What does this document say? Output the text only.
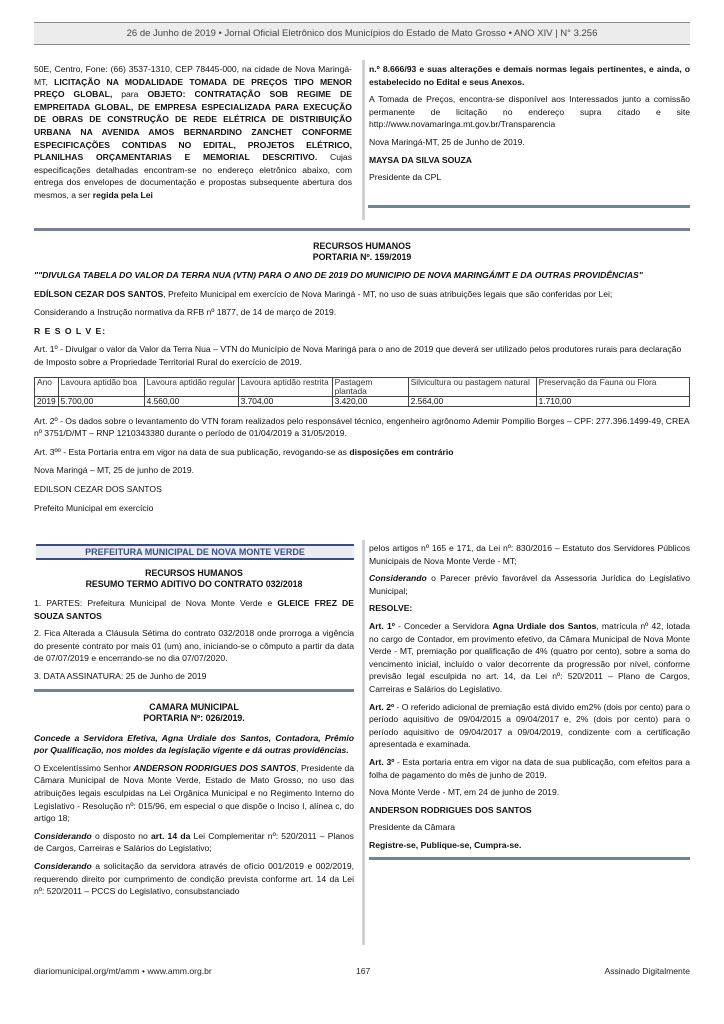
26 de Junho de 2019 • Jornal Oficial Eletrônico dos Municípios do Estado de Mato Grosso • ANO XIV | N° 3.256

50E, Centro, Fone: (66) 3537-1310, CEP 78445-000, na cidade de Nova Maringá-MT, LICITAÇÃO NA MODALIDADE TOMADA DE PREÇOS TIPO MENOR PREÇO GLOBAL, para OBJETO: CONTRATAÇÃO SOB REGIME DE EMPREITADA GLOBAL, DE EMPRESA ESPECIALIZADA PARA EXECUÇÃO DE OBRAS DE CONSTRUÇÃO DE REDE ELÉTRICA DE DISTRIBUIÇÃO URBANA NA AVENIDA AMOS BERNARDINO ZANCHET CONFORME ESPECIFICAÇÕES CONTIDAS NO EDITAL, PROJETOS ELÉTRICO, PLANILHAS ORÇAMENTARIAS E MEMORIAL DESCRITIVO. Cujas especificações detalhadas encontram-se no endereço eletrônico abaixo, com entrega dos envelopes de documentação e propostas subsequente abertura dos mesmos, a ser regida pela Lei

n.º 8.666/93 e suas alterações e demais normas legais pertinentes, e ainda, o estabelecido no Edital e seus Anexos.

A Tomada de Preços, encontra-se disponível aos Interessados junto a comissão permanente de licitação no endereço supra citado e site http://www.novamaringa.mt.gov.br/Transparencia

Nova Maringá-MT, 25 de Junho de 2019.

MAYSA DA SILVA SOUZA

Presidente da CPL

RECURSOS HUMANOS
PORTARIA Nº. 159/2019

""DIVULGA TABELA DO VALOR DA TERRA NUA (VTN) PARA O ANO DE 2019 DO MUNICIPIO DE NOVA MARINGÁ/MT E DA OUTRAS PROVIDÊNCIAS"

EDÍLSON CEZAR DOS SANTOS, Prefeito Municipal em exercício de Nova Maringá - MT, no uso de suas atribuições legais que são conferidas por Lei;

Considerando a Instrução normativa da RFB nº 1877, de 14 de março de 2019.

R E S O L V E:

Art. 1º - Divulgar o valor da Valor da Terra Nua – VTN do Município de Nova Maringá para o ano de 2019 que deverá ser utilizado pelos produtores rurais para declaração de Imposto sobre a Propriedade Territorial Rural do exercício de 2019.

Ano	Lavoura aptidão boa	Lavoura aptidão regular	Lavoura aptidão restrita	Pastagem plantada	Silvicultura ou pastagem natural	Preservação da Fauna ou Flora
2019	5.700,00	4.560,00	3.704,00	3.420,00	2.564,00	1.710,00

Art. 2º - Os dados sobre o levantamento do VTN foram realizados pelo responsável técnico, engenheiro agrônomo Ademir Pompilio Borges – CPF: 277.396.1499-49, CREA nº 3751/D/MT – RNP 1210343380 durante o período de 01/04/2019 a 31/05/2019.

Art. 3ºº - Esta Portaria entra em vigor na data de sua publicação, revogando-se as disposições em contrário

Nova Maringá – MT, 25 de junho de 2019.

EDILSON CEZAR DOS SANTOS

Prefeito Municipal em exercício

PREFEITURA MUNICIPAL DE NOVA MONTE VERDE
RECURSOS HUMANOS
RESUMO TERMO ADITIVO DO CONTRATO 032/2018

1. PARTES: Prefeitura Municipal de Nova Monte Verde e GLEICE FREZ DE SOUZA SANTOS

2. Fica Alterada a Cláusula Sétima do contrato 032/2018 onde prorroga a vigência do presente contrato por mais 01 (um) ano, iniciando-se o cômputo a partir da data de 07/07/2019 e encerrando-se no dia 07/07/2020.

3. DATA ASSINATURA: 25 de Junho de 2019

CAMARA MUNICIPAL
PORTARIA Nº: 026/2019.

Concede a Servidora Efetiva, Agna Urdiale dos Santos, Contadora, Prêmio por Qualificação, nos moldes da legislação vigente e dá outras providências.

O Excelentíssimo Senhor ANDERSON RODRIGUES DOS SANTOS, Presidente da Câmara Municipal de Nova Monte Verde, Estado de Mato Grosso, no uso das atribuições legais esculpidas na Lei Orgânica Municipal e no Regimento Interno do Legislativo - Resolução nº: 015/96, em especial o que dispõe o Inciso I, alínea c, do artigo 18;

Considerando o disposto no art. 14 da Lei Complementar nº: 520/2011 – Planos de Cargos, Carreiras e Salários do Legislativo;

Considerando a solicitação da servidora através de ofício 001/2019 e 002/2019, requerendo direito por cumprimento de condição prevista conforme art. 14 da Lei nº: 520/2011 – PCCS do Legislativo, consubstanciado

pelos artigos nº 165 e 171, da Lei nº: 830/2016 – Estatuto dos Servidores Públicos Municipais de Nova Monte Verde - MT;

Considerando o Parecer prévio favorável da Assessoria Jurídica do Legislativo Municipal;

RESOLVE:

Art. 1º - Conceder a Servidora Agna Urdiale dos Santos, matrícula nº 42, lotada no cargo de Contador, em provimento efetivo, da Câmara Municipal de Nova Monte Verde - MT, premiação por qualificação de 4% (quatro por cento), sobre a soma do vencimento inicial, incluído o valor decorrente da progressão por nível, conforme previsão legal esculpida no art. 14, da Lei nº: 520/2011 – Plano de Cargos, Carreiras e Salários do Legislativo.

Art. 2º - O referido adicional de premiação está divido em2% (dois por cento) para o período aquisitivo de 09/04/2015 a 09/04/2017 e, 2% (dois por cento) para o período aquisitivo de 09/04/2017 a 09/04/2019, condizente com a certificação apresentada e examinada.

Art. 3º - Esta portaria entra em vigor na data de sua publicação, com efeitos para a folha de pagamento do mês de junho de 2019.

Nova Monte Verde - MT, em 24 de junho de 2019.

ANDERSON RODRIGUES DOS SANTOS

Presidente da Câmara

Registre-se, Publique-se, Cumpra-se.

diariomunicipal.org/mt/amm • www.amm.org.br	167	Assinado Digitalmente
